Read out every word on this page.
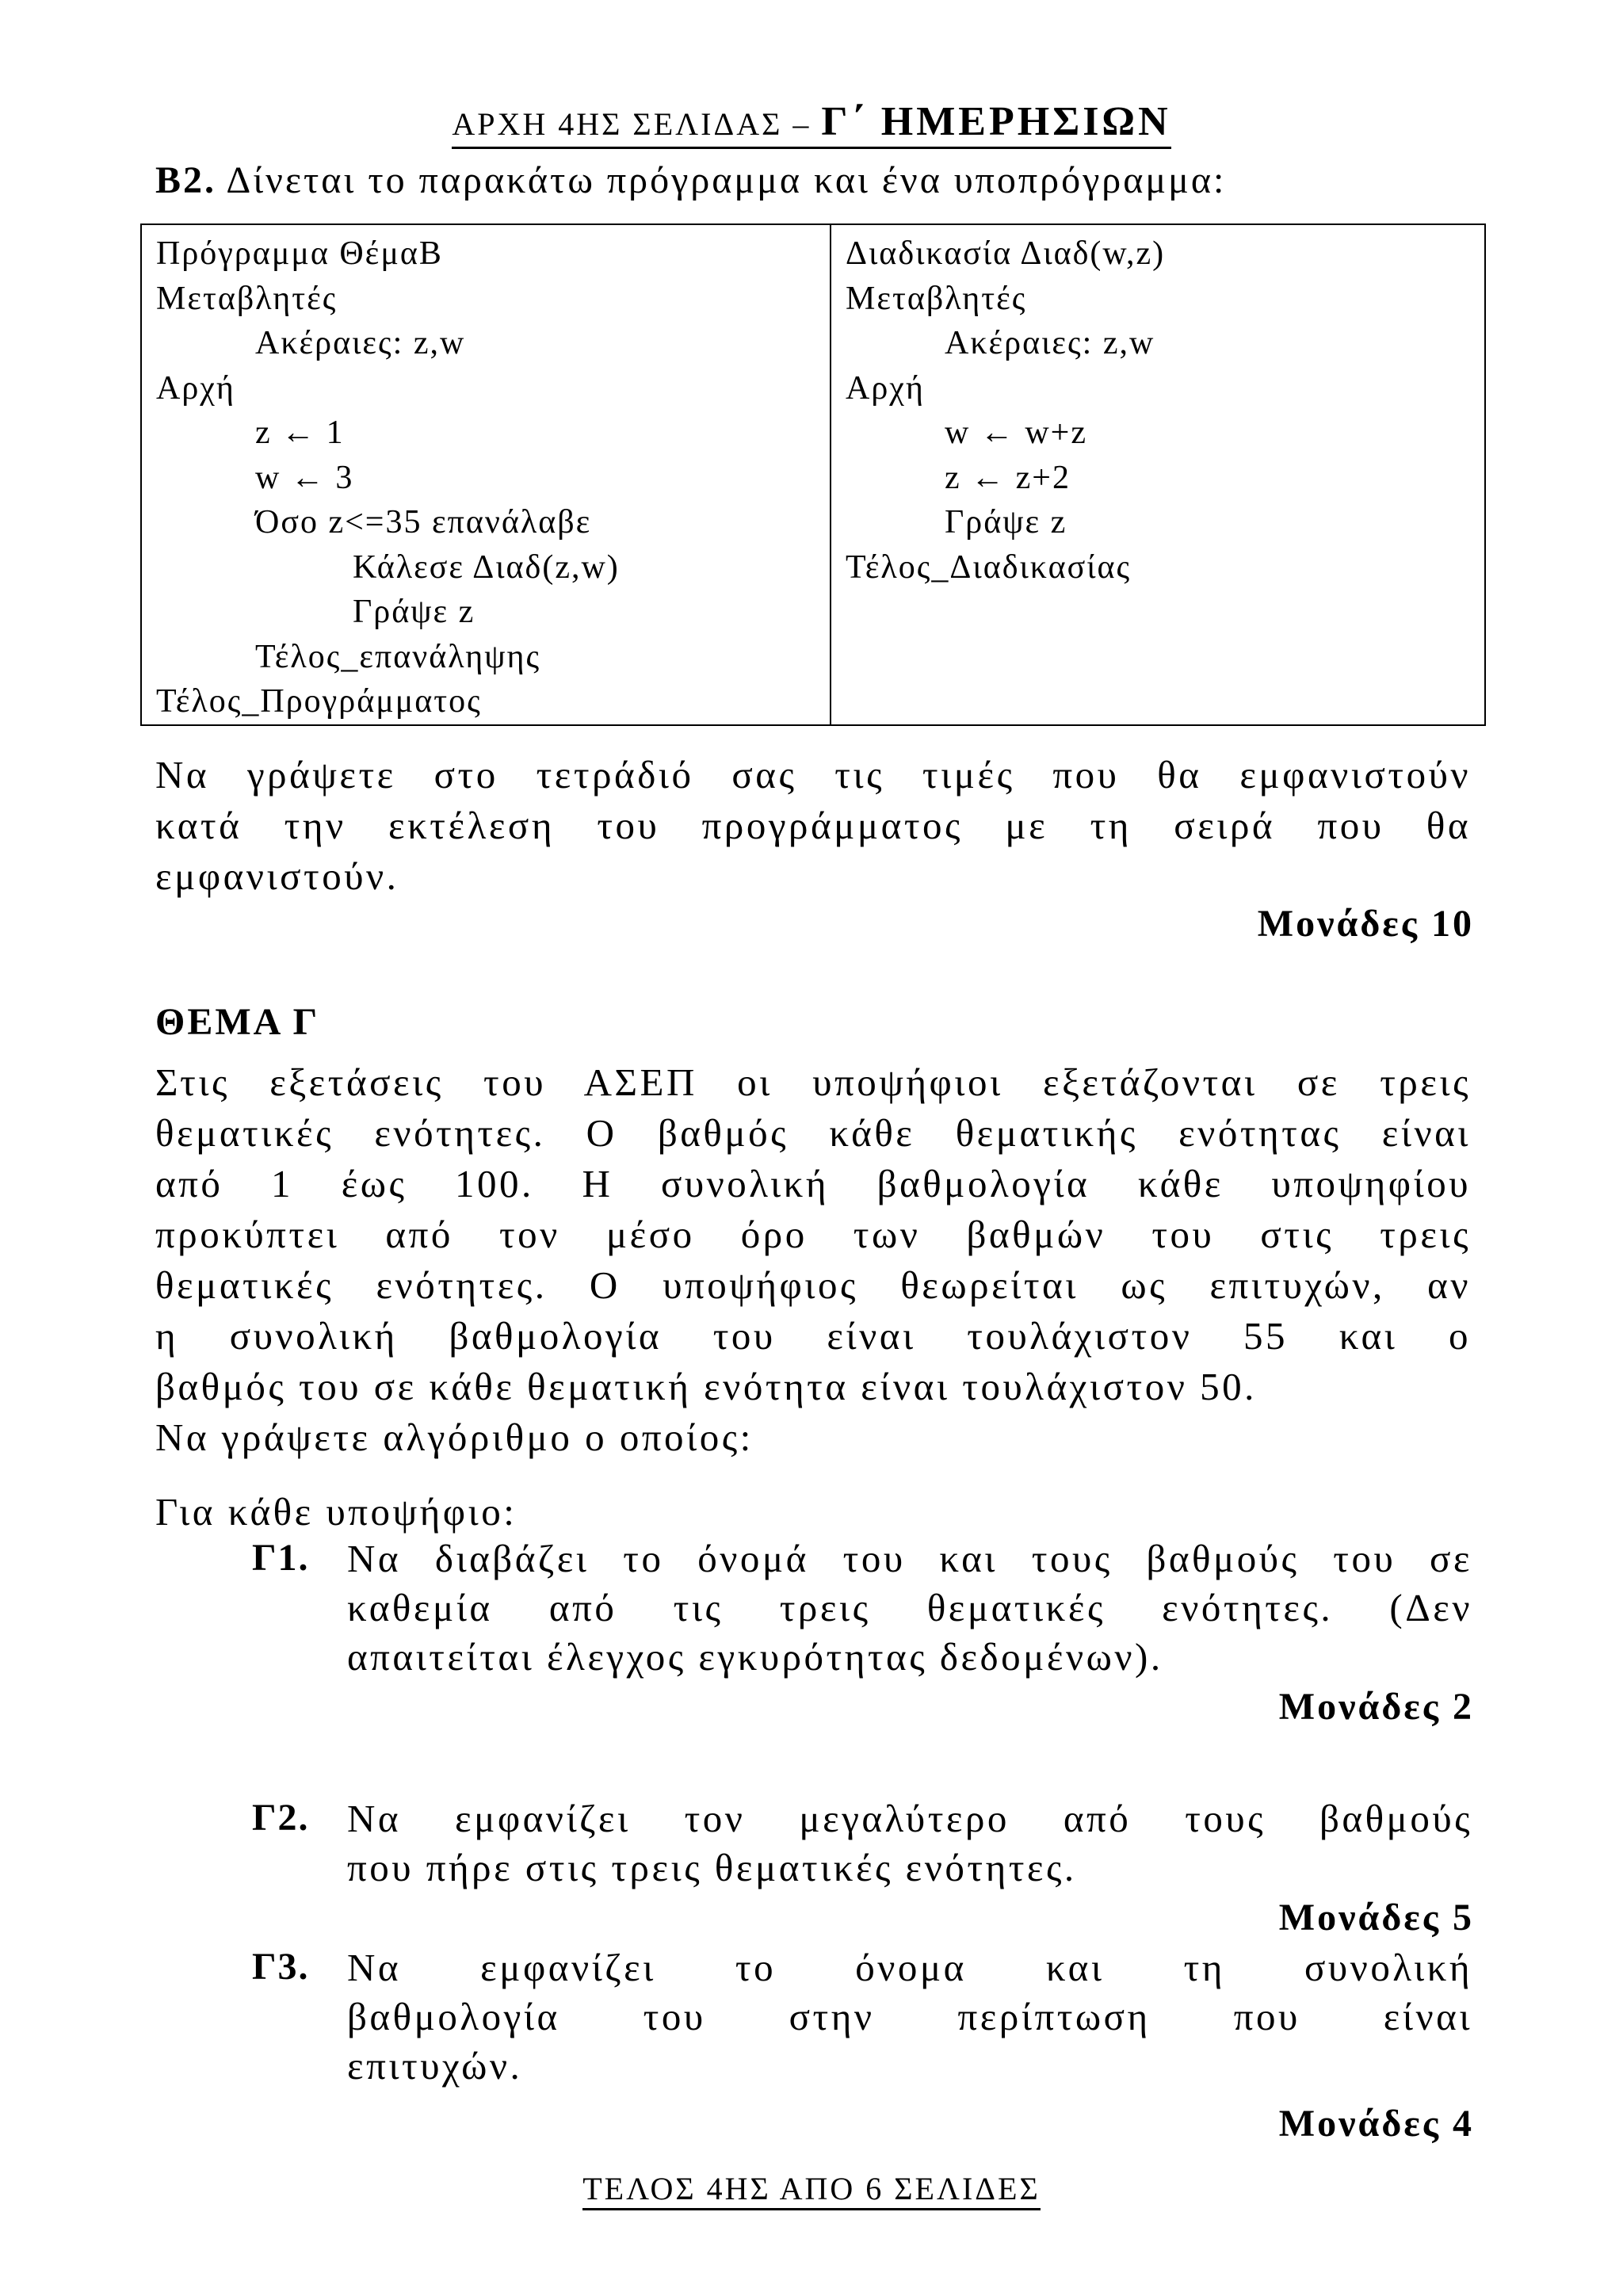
ΑΡΧΗ 4ΗΣ ΣΕΛΙΔΑΣ – Γ΄ ΗΜΕΡΗΣΙΩΝ
Β2. Δίνεται το παρακάτω πρόγραμμα και ένα υποπρόγραμμα:
Πρόγραμμα ΘέμαΒ
Μεταβλητές
Ακέραιες: z,w
Αρχή
z ← 1
w ← 3
Όσο z<=35 επανάλαβε
Κάλεσε Διαδ(z,w)
Γράψε z
Τέλος_επανάληψης
Τέλος_Προγράμματος

Διαδικασία Διαδ(w,z)
Μεταβλητές
Ακέραιες: z,w
Αρχή
w ← w+z
z ← z+2
Γράψε z
Τέλος_Διαδικασίας
Να γράψετε στο τετράδιό σας τις τιμές που θα εμφανιστούν
κατά την εκτέλεση του προγράμματος με τη σειρά που θα
εμφανιστούν.
Μονάδες 10
ΘΕΜΑ Γ
Στις εξετάσεις του ΑΣΕΠ οι υποψήφιοι εξετάζονται σε τρεις
θεματικές ενότητες. Ο βαθμός κάθε θεματικής ενότητας είναι
από 1 έως 100. Η συνολική βαθμολογία κάθε υποψηφίου
προκύπτει από τον μέσο όρο των βαθμών του στις τρεις
θεματικές ενότητες. Ο υποψήφιος θεωρείται ως επιτυχών, αν
η συνολική βαθμολογία του είναι τουλάχιστον 55 και ο
βαθμός του σε κάθε θεματική ενότητα είναι τουλάχιστον 50.
Να γράψετε αλγόριθμο ο οποίος:
Για κάθε υποψήφιο:
Γ1. Να διαβάζει το όνομά του και τους βαθμούς του σε
καθεμία από τις τρεις θεματικές ενότητες. (Δεν
απαιτείται έλεγχος εγκυρότητας δεδομένων).
Μονάδες 2
Γ2. Να εμφανίζει τον μεγαλύτερο από τους βαθμούς
που πήρε στις τρεις θεματικές ενότητες.
Μονάδες 5
Γ3. Να εμφανίζει το όνομα και τη συνολική
βαθμολογία του στην περίπτωση που είναι
επιτυχών.
Μονάδες 4
ΤΕΛΟΣ 4ΗΣ ΑΠΟ 6 ΣΕΛΙΔΕΣ
